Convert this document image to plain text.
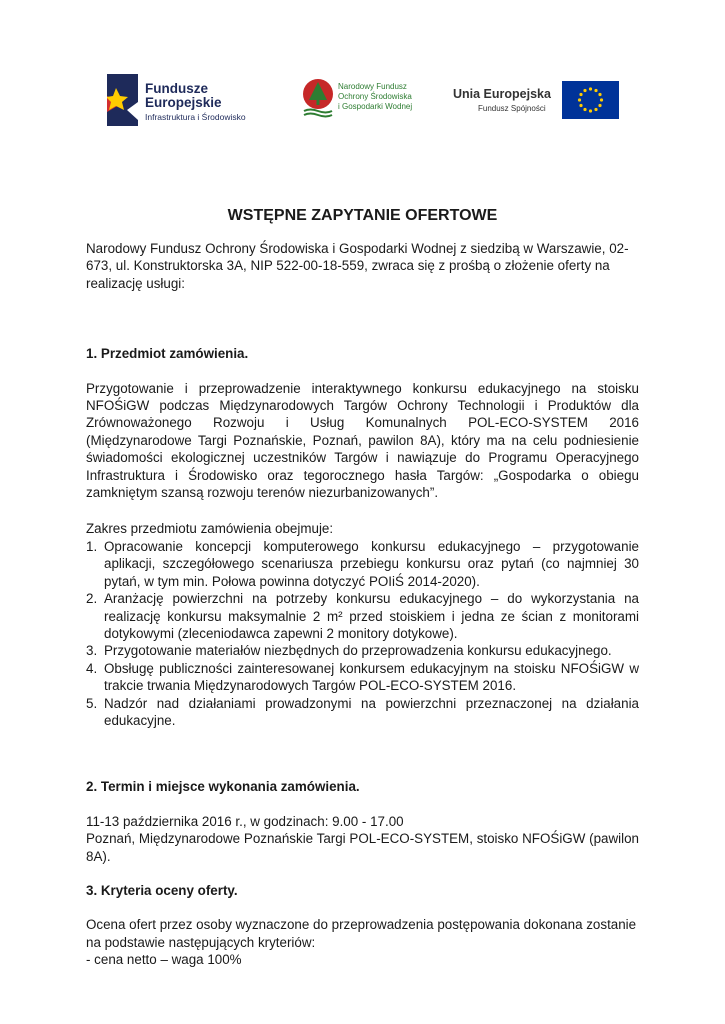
Fundusze
Europejskie
Infrastruktura i Środowisko
Narodowy Fundusz
Ochrony Środowiska
i Gospodarki Wodnej
Unia Europejska
Fundusz Spójności

WSTĘPNE ZAPYTANIE OFERTOWE

Narodowy Fundusz Ochrony Środowiska i Gospodarki Wodnej z siedzibą w Warszawie, 02-673, ul. Konstruktorska 3A, NIP 522-00-18-559, zwraca się z prośbą o złożenie oferty na realizację usługi:

1. Przedmiot zamówienia.

Przygotowanie i przeprowadzenie interaktywnego konkursu edukacyjnego na stoisku NFOŚiGW podczas Międzynarodowych Targów Ochrony Technologii i Produktów dla Zrównoważonego Rozwoju i Usług Komunalnych POL-ECO-SYSTEM 2016 (Międzynarodowe Targi Poznańskie, Poznań, pawilon 8A), który ma na celu podniesienie świadomości ekologicznej uczestników Targów i nawiązuje do Programu Operacyjnego Infrastruktura i Środowisko oraz tegorocznego hasła Targów: „Gospodarka o obiegu zamkniętym szansą rozwoju terenów niezurbanizowanych”.

Zakres przedmiotu zamówienia obejmuje:

1. Opracowanie koncepcji komputerowego konkursu edukacyjnego – przygotowanie aplikacji, szczegółowego scenariusza przebiegu konkursu oraz pytań (co najmniej 30 pytań, w tym min. Połowa powinna dotyczyć POIiŚ 2014-2020).
2. Aranżację powierzchni na potrzeby konkursu edukacyjnego – do wykorzystania na realizację konkursu maksymalnie 2 m² przed stoiskiem i jedna ze ścian z monitorami dotykowymi (zleceniodawca zapewni 2 monitory dotykowe).
3. Przygotowanie materiałów niezbędnych do przeprowadzenia konkursu edukacyjnego.
4. Obsługę publiczności zainteresowanej konkursem edukacyjnym na stoisku NFOŚiGW w trakcie trwania Międzynarodowych Targów POL-ECO-SYSTEM 2016.
5. Nadzór nad działaniami prowadzonymi na powierzchni przeznaczonej na działania edukacyjne.

2. Termin i miejsce wykonania zamówienia.

11-13 października 2016 r., w godzinach: 9.00 - 17.00

Poznań, Międzynarodowe Poznańskie Targi POL-ECO-SYSTEM, stoisko NFOŚiGW (pawilon 8A).

3. Kryteria oceny oferty.

Ocena ofert przez osoby wyznaczone do przeprowadzenia postępowania dokonana zostanie na podstawie następujących kryteriów:

- cena netto – waga 100%
